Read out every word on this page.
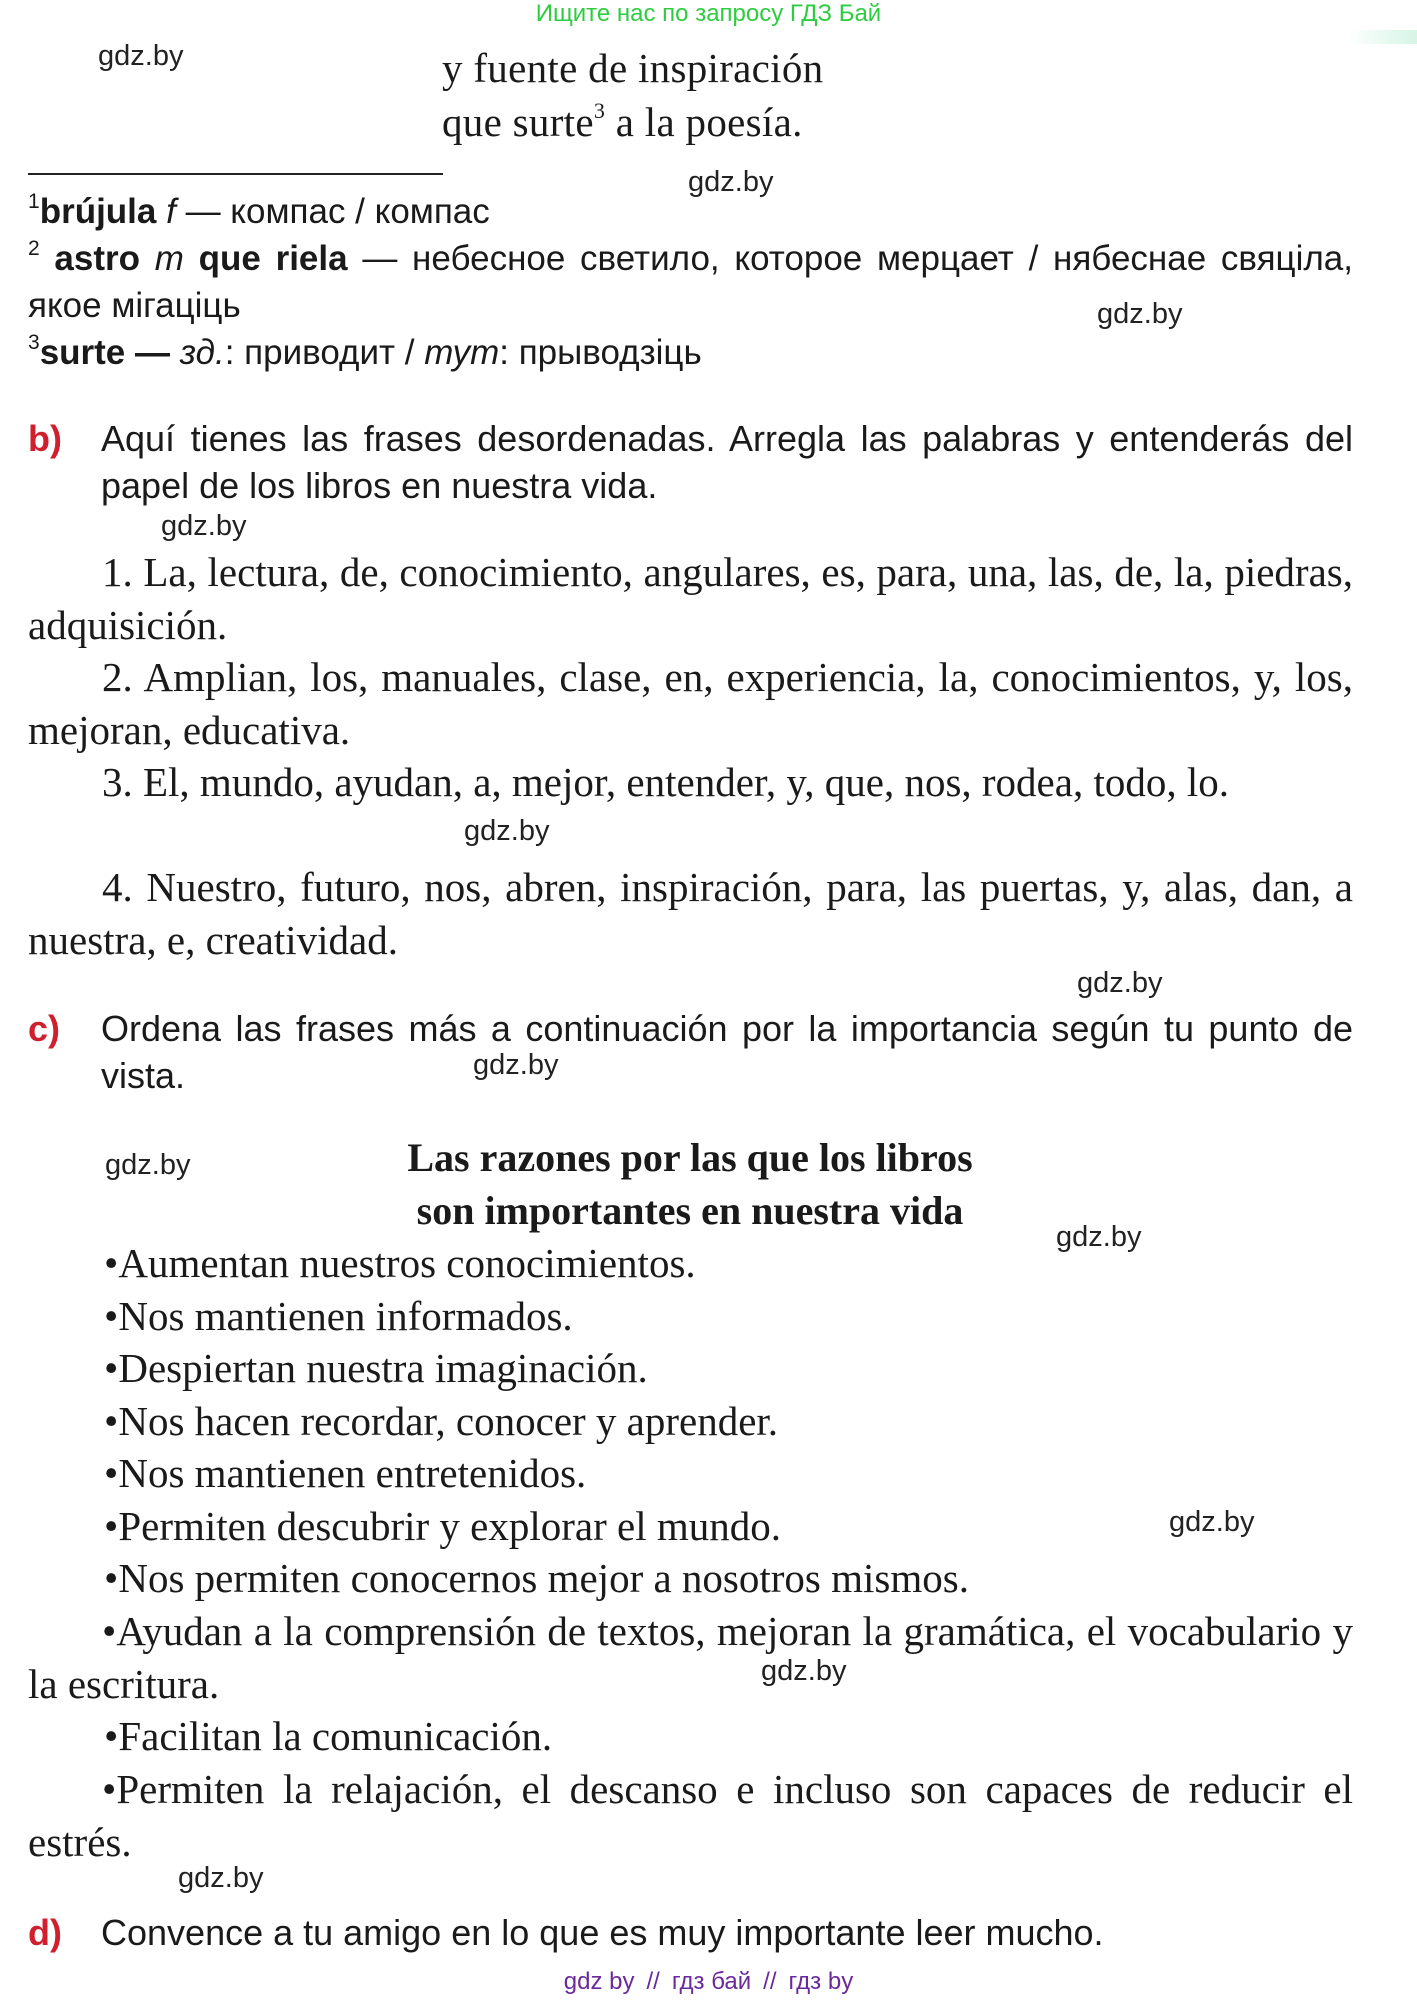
Ищите нас по запросу ГДЗ Бай
gdz.by
gdz.by
gdz.by
gdz.by
gdz.by
gdz.by
gdz.by
gdz.by
gdz.by
gdz.by
gdz.by
gdz.by
y fuente de inspiración
que surte$^3$ a la poesía.
$^1$brújula f — компас / компас
$^2$ astro m que riela — небесное светило, которое мерцает / нябеснае свяціла, якое мігаціць
$^3$surte — зд.: приводит / тут: прыводзіць
b) Aquí tienes las frases desordenadas. Arregla las palabras y entenderás del papel de los libros en nuestra vida.
1. La, lectura, de, conocimiento, angulares, es, para, una, las, de, la, piedras, adquisición.
2. Amplian, los, manuales, clase, en, experiencia, la, conocimientos, y, los, mejoran, educativa.
3. El, mundo, ayudan, a, mejor, entender, y, que, nos, rodea, todo, lo.
4. Nuestro, futuro, nos, abren, inspiración, para, las puertas, y, alas, dan, a nuestra, e, creatividad.
c) Ordena las frases más a continuación por la importancia según tu punto de vista.
Las razones por las que los libros
son importantes en nuestra vida
•Aumentan nuestros conocimientos.
•Nos mantienen informados.
•Despiertan nuestra imaginación.
•Nos hacen recordar, conocer y aprender.
•Nos mantienen entretenidos.
•Permiten descubrir y explorar el mundo.
•Nos permiten conocernos mejor a nosotros mismos.
•Ayudan a la comprensión de textos, mejoran la gramática, el vocabulario y la escritura.
•Facilitan la comunicación.
•Permiten la relajación, el descanso e incluso son capaces de reducir el estrés.
d) Convence a tu amigo en lo que es muy importante leer mucho.
gdz by // гдз бай // гдз by
